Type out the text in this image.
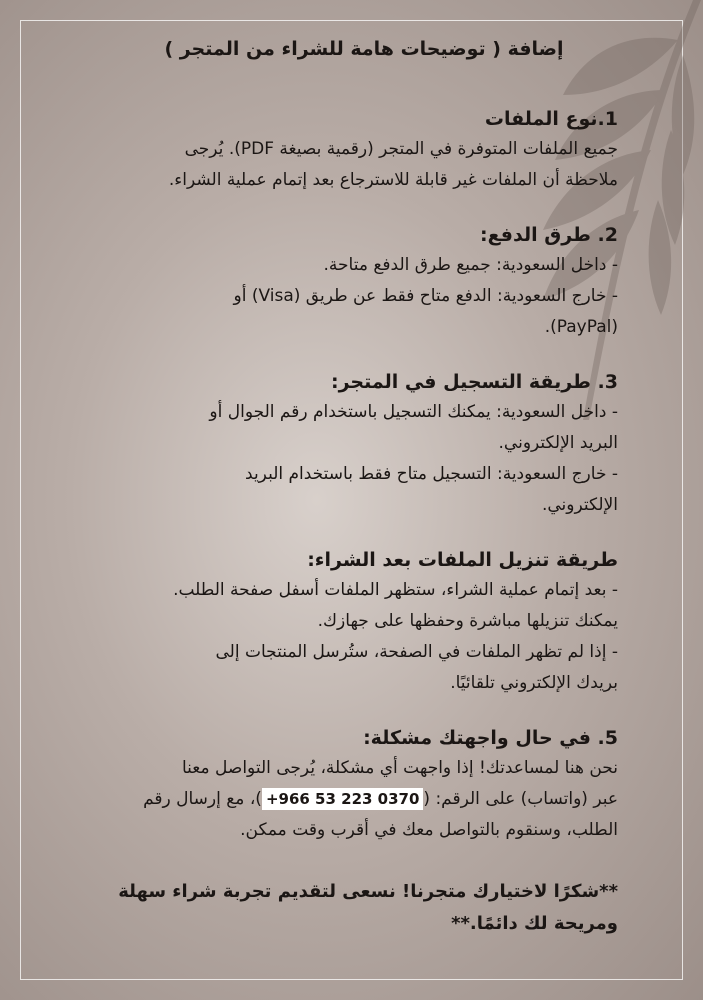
إضافة ( توضيحات هامة للشراء من المتجر )
1.نوع الملفات
جميع الملفات المتوفرة في المتجر (رقمية بصيغة PDF). يُرجى
ملاحظة أن الملفات غير قابلة للاسترجاع بعد إتمام عملية الشراء.
2. طرق الدفع:
- داخل السعودية: جميع طرق الدفع متاحة.
- خارج السعودية: الدفع متاح فقط عن طريق (Visa) أو
(PayPal).
3. طريقة التسجيل في المتجر:
- داخل السعودية: يمكنك التسجيل باستخدام رقم الجوال أو
البريد الإلكتروني.
- خارج السعودية: التسجيل متاح فقط باستخدام البريد
الإلكتروني.
طريقة تنزيل الملفات بعد الشراء:
- بعد إتمام عملية الشراء، ستظهر الملفات أسفل صفحة الطلب.
يمكنك تنزيلها مباشرة وحفظها على جهازك.
- إذا لم تظهر الملفات في الصفحة، ستُرسل المنتجات إلى
بريدك الإلكتروني تلقائيًا.
5. في حال واجهتك مشكلة:
نحن هنا لمساعدتك! إذا واجهت أي مشكلة، يُرجى التواصل معنا
عبر (واتساب) على الرقم: (+966 53 223 0370)، مع إرسال رقم
الطلب، وسنقوم بالتواصل معك في أقرب وقت ممكن.
**شكرًا لاختيارك متجرنا! نسعى لتقديم تجربة شراء سهلة
ومريحة لك دائمًا.**
